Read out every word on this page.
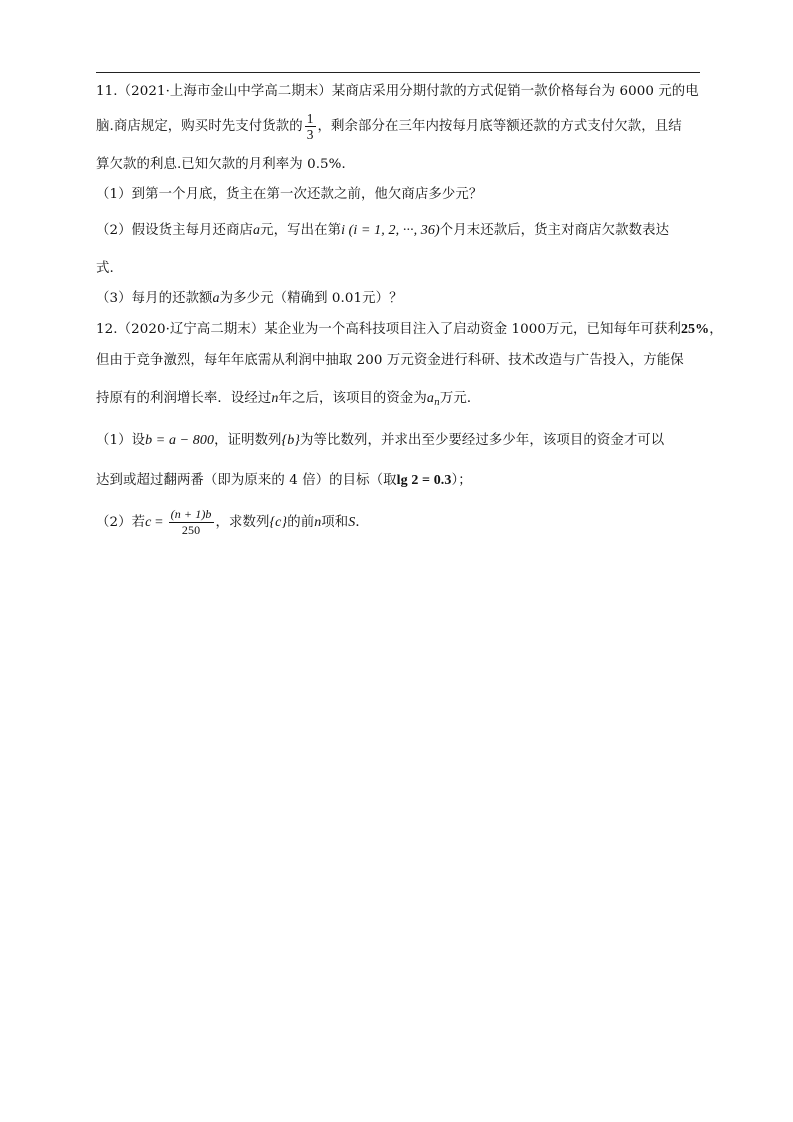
11.（2021·上海市金山中学高二期末）某商店采用分期付款的方式促销一款价格每台为 6000 元的电
脑.商店规定，购买时先支付货款的 $\frac{1}{3}$ ，剩余部分在三年内按每月底等额还款的方式支付欠款，且结
算欠款的利息.已知欠款的月利率为 0.5%．
（1）到第一个月底，货主在第一次还款之前，他欠商店多少元？
（2）假设货主每月还商店a元，写出在第i (i = 1, 2, ···, 36)个月末还款后，货主对商店欠款数表达
式.
（3）每月的还款额a为多少元（精确到 0.01元）？
12.（2020·辽宁高二期末）某企业为一个高科技项目注入了启动资金 1000万元，已知每年可获利25%，
但由于竞争激烈，每年年底需从利润中抽取 200 万元资金进行科研、技术改造与广告投入，方能保
持原有的利润增长率．设经过n年之后，该项目的资金为$a_n$万元．
（1）设b = a − 800，证明数列{b}为等比数列，并求出至少要经过多少年，该项目的资金才可以
达到或超过翻两番（即为原来的 4 倍）的目标（取lg 2 = 0.3）；
（2）若$c = \frac{(n + 1)b}{250}$ ，求数列{c}的前n项和S．
